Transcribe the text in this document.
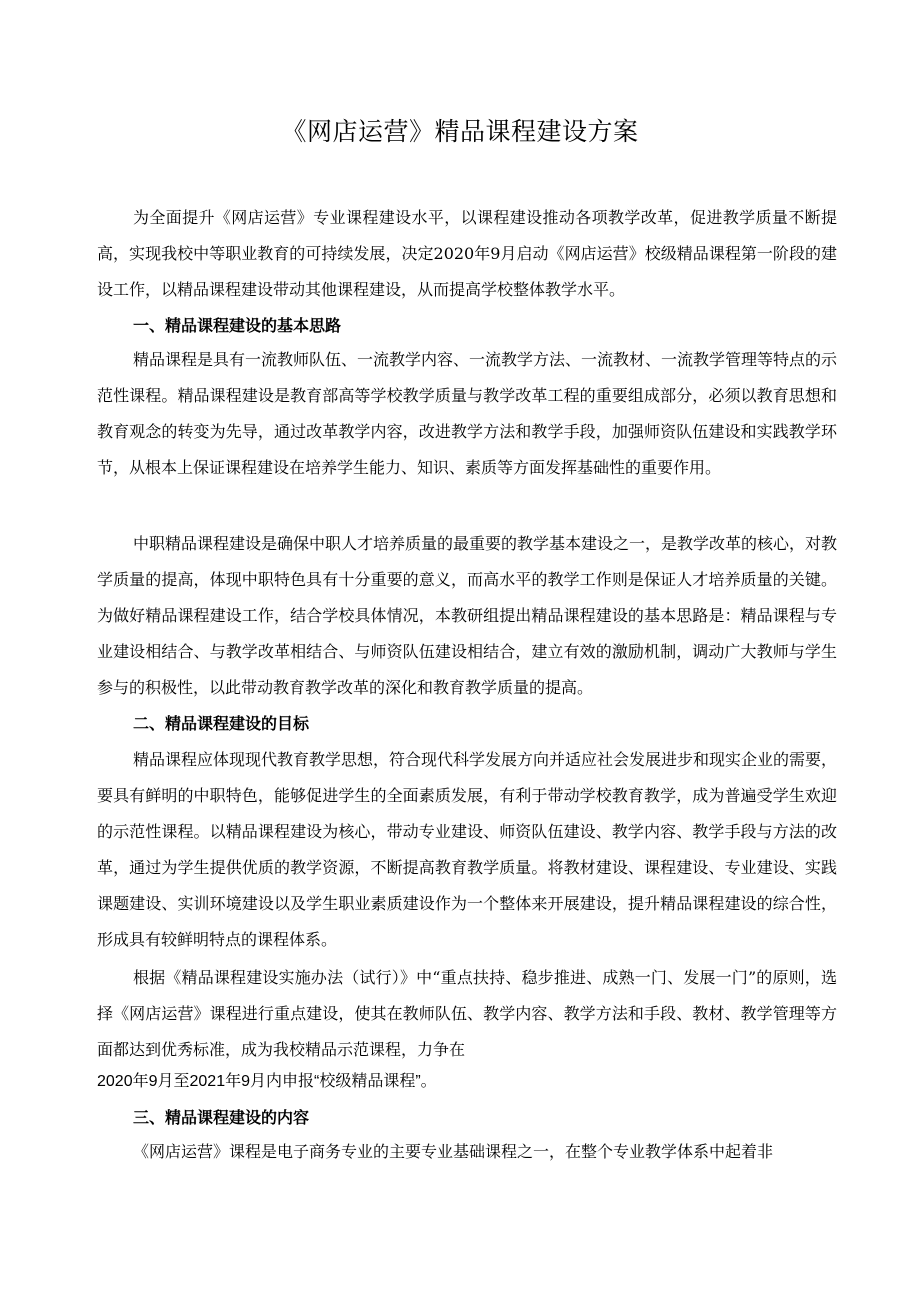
《网店运营》精品课程建设方案

为全面提升《网店运营》专业课程建设水平，以课程建设推动各项教学改革，促进教学质量不断提高，实现我校中等职业教育的可持续发展，决定2020年9月启动《网店运营》校级精品课程第一阶段的建设工作，以精品课程建设带动其他课程建设，从而提高学校整体教学水平。

一、精品课程建设的基本思路

精品课程是具有一流教师队伍、一流教学内容、一流教学方法、一流教材、一流教学管理等特点的示范性课程。精品课程建设是教育部高等学校教学质量与教学改革工程的重要组成部分，必须以教育思想和教育观念的转变为先导，通过改革教学内容，改进教学方法和教学手段，加强师资队伍建设和实践教学环节，从根本上保证课程建设在培养学生能力、知识、素质等方面发挥基础性的重要作用。

中职精品课程建设是确保中职人才培养质量的最重要的教学基本建设之一，是教学改革的核心，对教学质量的提高，体现中职特色具有十分重要的意义，而高水平的教学工作则是保证人才培养质量的关键。为做好精品课程建设工作，结合学校具体情况，本教研组提出精品课程建设的基本思路是：精品课程与专业建设相结合、与教学改革相结合、与师资队伍建设相结合，建立有效的激励机制，调动广大教师与学生参与的积极性，以此带动教育教学改革的深化和教育教学质量的提高。

二、精品课程建设的目标

精品课程应体现现代教育教学思想，符合现代科学发展方向并适应社会发展进步和现实企业的需要，要具有鲜明的中职特色，能够促进学生的全面素质发展，有利于带动学校教育教学，成为普遍受学生欢迎的示范性课程。以精品课程建设为核心，带动专业建设、师资队伍建设、教学内容、教学手段与方法的改革，通过为学生提供优质的教学资源，不断提高教育教学质量。将教材建设、课程建设、专业建设、实践课题建设、实训环境建设以及学生职业素质建设作为一个整体来开展建设，提升精品课程建设的综合性，形成具有较鲜明特点的课程体系。

根据《精品课程建设实施办法（试行）》中“重点扶持、稳步推进、成熟一门、发展一门”的原则，选择《网店运营》课程进行重点建设，使其在教师队伍、教学内容、教学方法和手段、教材、教学管理等方面都达到优秀标准，成为我校精品示范课程，力争在

2020年9月至2021年9月内申报“校级精品课程”。

三、精品课程建设的内容

《网店运营》课程是电子商务专业的主要专业基础课程之一，在整个专业教学体系中起着非
